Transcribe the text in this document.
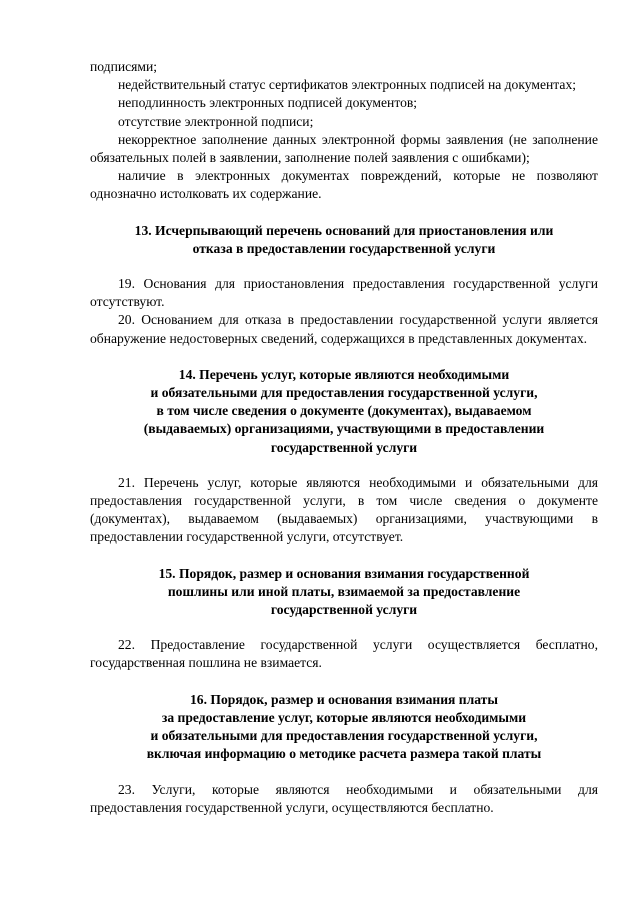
подписями;

недействительный статус сертификатов электронных подписей на документах;

неподлинность электронных подписей документов;

отсутствие электронной подписи;

некорректное заполнение данных электронной формы заявления (не заполнение обязательных полей в заявлении, заполнение полей заявления с ошибками);

наличие в электронных документах повреждений, которые не позволяют однозначно истолковать их содержание.

13. Исчерпывающий перечень оснований для приостановления или
отказа в предоставлении государственной услуги

19. Основания для приостановления предоставления государственной услуги отсутствуют.

20. Основанием для отказа в предоставлении государственной услуги является обнаружение недостоверных сведений, содержащихся в представленных документах.

14. Перечень услуг, которые являются необходимыми
и обязательными для предоставления государственной услуги,
в том числе сведения о документе (документах), выдаваемом
(выдаваемых) организациями, участвующими в предоставлении
государственной услуги

21. Перечень услуг, которые являются необходимыми и обязательными для предоставления государственной услуги, в том числе сведения о документе (документах), выдаваемом (выдаваемых) организациями, участвующими в предоставлении государственной услуги, отсутствует.

15. Порядок, размер и основания взимания государственной
пошлины или иной платы, взимаемой за предоставление
государственной услуги

22. Предоставление государственной услуги осуществляется бесплатно, государственная пошлина не взимается.

16. Порядок, размер и основания взимания платы
за предоставление услуг, которые являются необходимыми
и обязательными для предоставления государственной услуги,
включая информацию о методике расчета размера такой платы

23. Услуги, которые являются необходимыми и обязательными для предоставления государственной услуги, осуществляются бесплатно.
